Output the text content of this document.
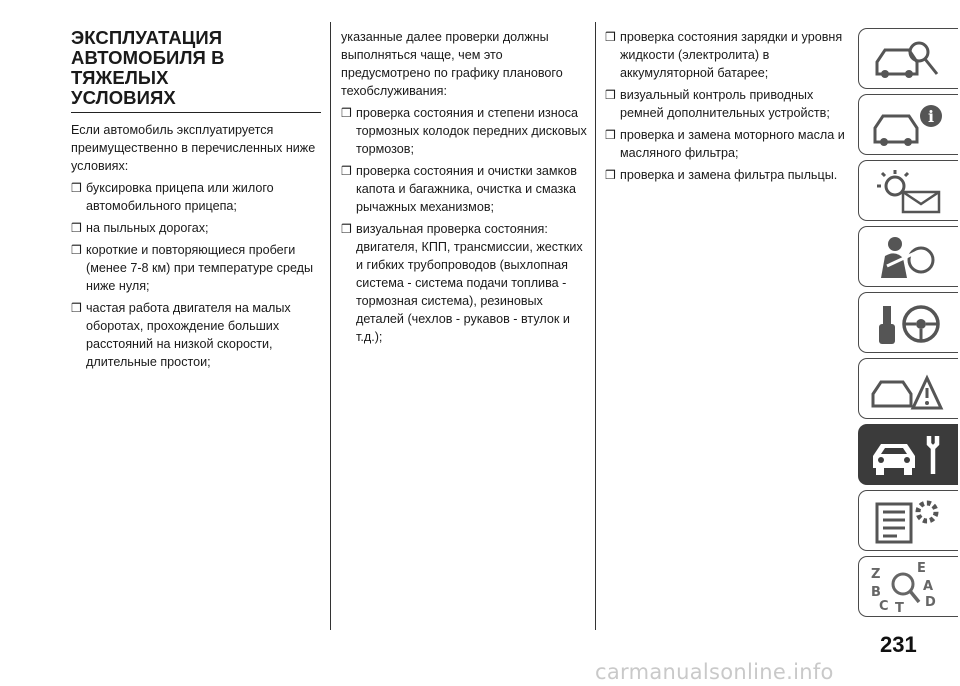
ЭКСПЛУАТАЦИЯ
АВТОМОБИЛЯ В ТЯЖЕЛЫХ
УСЛОВИЯХ

Если автомобиль эксплуатируется преимущественно в перечисленных ниже условиях:

❒ буксировка прицепа или жилого автомобильного прицепа;
❒ на пыльных дорогах;
❒ короткие и повторяющиеся пробеги (менее 7-8 км) при температуре среды ниже нуля;
❒ частая работа двигателя на малых оборотах, прохождение больших расстояний на низкой скорости, длительные простои;

указанные далее проверки должны выполняться чаще, чем это предусмотрено по графику планового техобслуживания:

❒ проверка состояния и степени износа тормозных колодок передних дисковых тормозов;
❒ проверка состояния и очистки замков капота и багажника, очистка и смазка рычажных механизмов;
❒ визуальная проверка состояния: двигателя, КПП, трансмиссии, жестких и гибких трубопроводов (выхлопная система - система подачи топлива - тормозная система), резиновых деталей (чехлов - рукавов - втулок и т.д.);
❒ проверка состояния зарядки и уровня жидкости (электролита) в аккумуляторной батарее;
❒ визуальный контроль приводных ремней дополнительных устройств;
❒ проверка и замена моторного масла и масляного фильтра;
❒ проверка и замена фильтра пыльцы.
i
Z	E
A
B
C	D
T
231
carmanualsonline.info
